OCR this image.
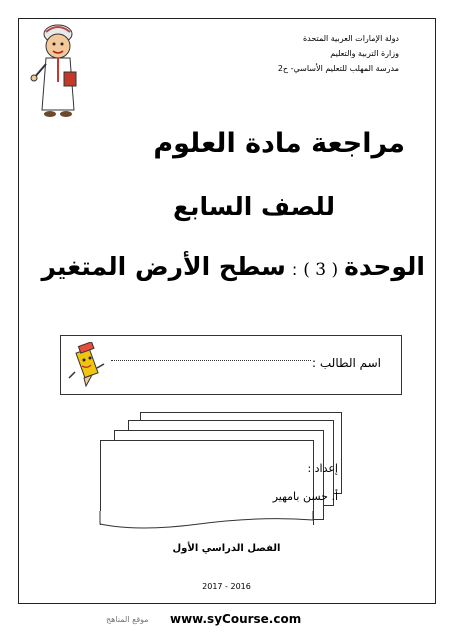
دولة الإمارات العربية المتحدة
وزارة التربية والتعليم
مدرسة المهلب للتعليم الأساسي- ح2
مراجعة مادة العلوم
للصف السابع
الوحدة
( 3 )
:
سطح الأرض المتغير
اسم الطالب :
إعداد :
أ. حسن بامهير
الفصل الدراسي الأول
2017 - 2016
www.syCourse.com
موقع المناهج
